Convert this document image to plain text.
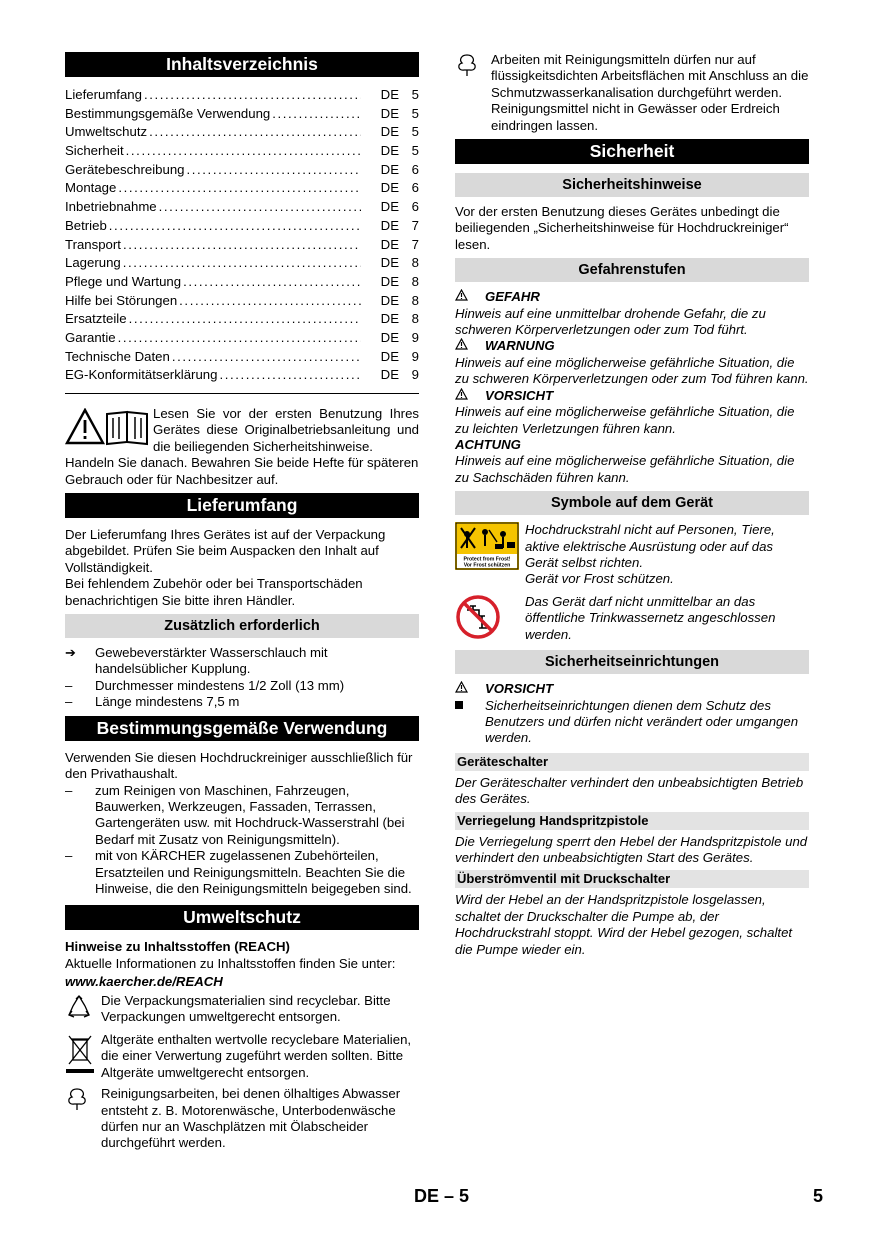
Inhaltsverzeichnis
Lieferumfang .....	DE 5
Bestimmungsgemäße Verwendung .....	DE 5
Umweltschutz .....	DE 5
Sicherheit .....	DE 5
Gerätebeschreibung .....	DE 6
Montage .....	DE 6
Inbetriebnahme .....	DE 6
Betrieb .....	DE 7
Transport .....	DE 7
Lagerung .....	DE 8
Pflege und Wartung .....	DE 8
Hilfe bei Störungen .....	DE 8
Ersatzteile .....	DE 8
Garantie .....	DE 9
Technische Daten .....	DE 9
EG-Konformitätserklärung .....	DE 9

Lesen Sie vor der ersten Benutzung Ihres Gerätes diese Originalbetriebsanleitung und die beiliegenden Sicherheitshinweise.

Handeln Sie danach. Bewahren Sie beide Hefte für späteren Gebrauch oder für Nachbesitzer auf.

Lieferumfang

Der Lieferumfang Ihres Gerätes ist auf der Verpackung abgebildet. Prüfen Sie beim Auspacken den Inhalt auf Vollständigkeit.

Bei fehlendem Zubehör oder bei Transportschäden benachrichtigen Sie bitte ihren Händler.

Zusätzlich erforderlich
➔	Gewebeverstärkter Wasserschlauch mit handelsüblicher Kupplung.
–	Durchmesser mindestens 1/2 Zoll (13 mm)
–	Länge mindestens 7,5 m
Bestimmungsgemäße Verwendung

Verwenden Sie diesen Hochdruckreiniger ausschließlich für den Privathaushalt.

–	zum Reinigen von Maschinen, Fahrzeugen, Bauwerken, Werkzeugen, Fassaden, Terrassen, Gartengeräten usw. mit Hochdruck-Wasserstrahl (bei Bedarf mit Zusatz von Reinigungsmitteln).
–	mit von KÄRCHER zugelassenen Zubehörteilen, Ersatzteilen und Reinigungsmitteln. Beachten Sie die Hinweise, die den Reinigungsmitteln beigegeben sind.
Umweltschutz

Hinweise zu Inhaltsstoffen (REACH)

Aktuelle Informationen zu Inhaltsstoffen finden Sie unter:

www.kaercher.de/REACH

Die Verpackungsmaterialien sind recyclebar. Bitte Verpackungen umweltgerecht entsorgen.

Altgeräte enthalten wertvolle recyclebare Materialien, die einer Verwertung zugeführt werden sollten. Bitte Altgeräte umweltgerecht entsorgen.

Reinigungsarbeiten, bei denen ölhaltiges Abwasser entsteht z. B. Motorenwäsche, Unterbodenwäsche dürfen nur an Waschplätzen mit Ölabscheider durchgeführt werden.

Arbeiten mit Reinigungsmitteln dürfen nur auf flüssigkeitsdichten Arbeitsflächen mit Anschluss an die Schmutzwasserkanalisation durchgeführt werden. Reinigungsmittel nicht in Gewässer oder Erdreich eindringen lassen.

Sicherheit
Sicherheitshinweise

Vor der ersten Benutzung dieses Gerätes unbedingt die beiliegenden „Sicherheitshinweise für Hochdruckreiniger“ lesen.

Gefahrenstufen
GEFAHR

Hinweis auf eine unmittelbar drohende Gefahr, die zu schweren Körperverletzungen oder zum Tod führt.

WARNUNG

Hinweis auf eine möglicherweise gefährliche Situation, die zu schweren Körperverletzungen oder zum Tod führen kann.

VORSICHT

Hinweis auf eine möglicherweise gefährliche Situation, die zu leichten Verletzungen führen kann.

ACHTUNG

Hinweis auf eine möglicherweise gefährliche Situation, die zu Sachschäden führen kann.

Symbole auf dem Gerät
Protect from Frost!
Vor Frost schützen

Hochdruckstrahl nicht auf Personen, Tiere, aktive elektrische Ausrüstung oder auf das Gerät selbst richten.

Gerät vor Frost schützen.

Das Gerät darf nicht unmittelbar an das öffentliche Trinkwassernetz angeschlossen werden.

Sicherheitseinrichtungen
VORSICHT

Sicherheitseinrichtungen dienen dem Schutz des Benutzers und dürfen nicht verändert oder umgangen werden.

Geräteschalter

Der Geräteschalter verhindert den unbeabsichtigten Betrieb des Gerätes.

Verriegelung Handspritzpistole

Die Verriegelung sperrt den Hebel der Handspritzpistole und verhindert den unbeabsichtigten Start des Gerätes.

Überströmventil mit Druckschalter

Wird der Hebel an der Handspritzpistole losgelassen, schaltet der Druckschalter die Pumpe ab, der Hochdruckstrahl stoppt. Wird der Hebel gezogen, schaltet die Pumpe wieder ein.

DE – 5	5
